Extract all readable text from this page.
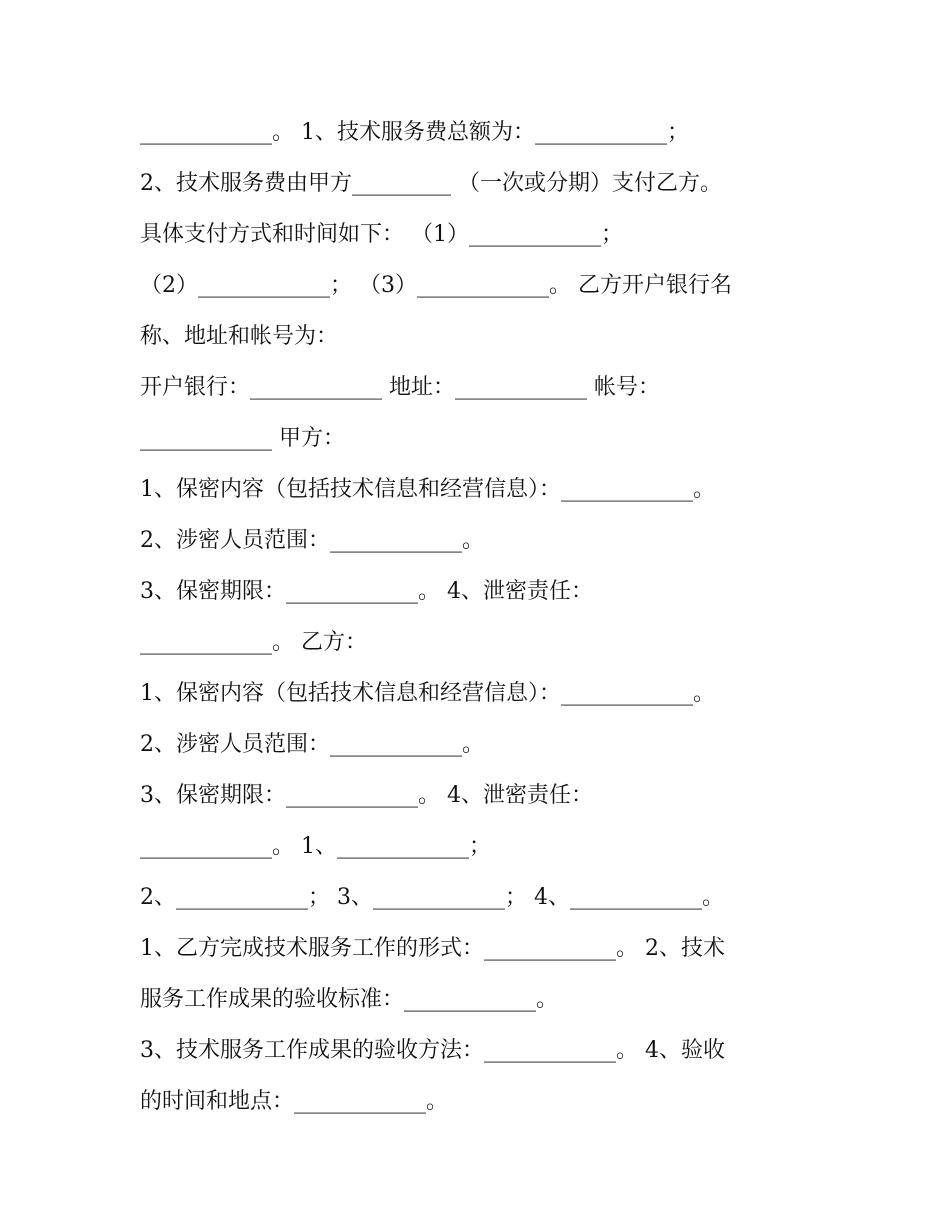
____________。 1、技术服务费总额为：____________；
2、技术服务费由甲方_________ （一次或分期）支付乙方。
具体支付方式和时间如下： （1）____________；
（2）____________； （3）____________。 乙方开户银行名
称、地址和帐号为：
开户银行：____________ 地址：____________ 帐号：
____________ 甲方：
1、保密内容（包括技术信息和经营信息）：____________。
2、涉密人员范围：____________。
3、保密期限：____________。 4、泄密责任：
____________。 乙方：
1、保密内容（包括技术信息和经营信息）：____________。
2、涉密人员范围：____________。
3、保密期限：____________。 4、泄密责任：
____________。 1、____________；
2、____________； 3、____________； 4、____________。
1、乙方完成技术服务工作的形式：____________。 2、技术
服务工作成果的验收标准：____________。
3、技术服务工作成果的验收方法：____________。 4、验收
的时间和地点：____________。
